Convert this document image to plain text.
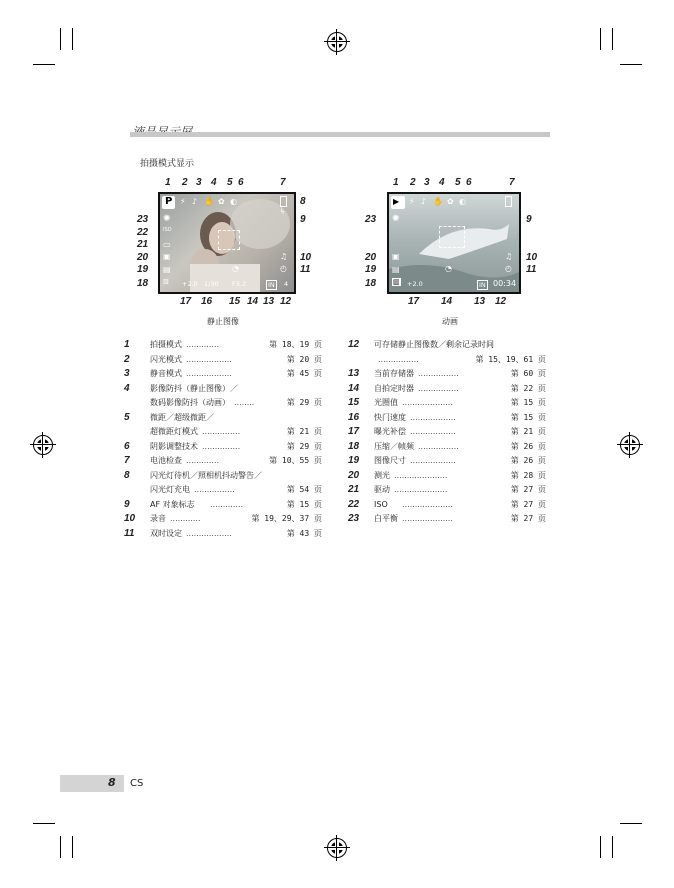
拍摄模式显示
P ⚡ ♪ ✋ ✿ ◐
✺
ISO
▭
▣
▤
▥
ϟ
♫
◴
◔
+2.0 1/30 F3.2	IN	4
1 2 3 4 5 6	7
23
22
21
20
19
18
8
9
10
11
17 16 15 14 13 12
静止图像
▶ ⚡ ♪ ✋ ✿ ◐
✺
▣
▤
▥
♫
◴
◔
+2.0	IN 00:34
1 2 3 4 5 6	7
23
20
19
18
9
10
11
17 14 13 12
动画
1	拍摄模式	第 18、19 页
.............
2	闪光模式	第 20 页
..................
3	静音模式	第 45 页
..................
4	影像防抖（静止图像）／
数码影像防抖（动画）	第 29 页
........
5	微距／超级微距／
超微距灯模式	第 21 页
...............
6	阴影调整技术	第 29 页
...............
7	电池检查	第 10、55 页
.............
8	闪光灯待机／照相机抖动警告／
闪光灯充电	第 54 页
................
9	AF 对象标志	第 15 页
.............
10	录音	第 19、29、37 页
............
11	双时设定	第 43 页
..................
12	可存储静止图像数／剩余记录时间
第 15、19、61 页
................
13	当前存储器	第 60 页
................
14	自拍定时器	第 22 页
................
15	光圈值	第 15 页
....................
16	快门速度	第 15 页
..................
17	曝光补偿	第 21 页
..................
18	压缩／帧频	第 26 页
................
19	图像尺寸	第 26 页
..................
20	测光	第 28 页
.....................
21	驱动	第 27 页
.....................
22	ISO	第 27 页
....................
23	白平衡	第 27 页
....................
8 CS
